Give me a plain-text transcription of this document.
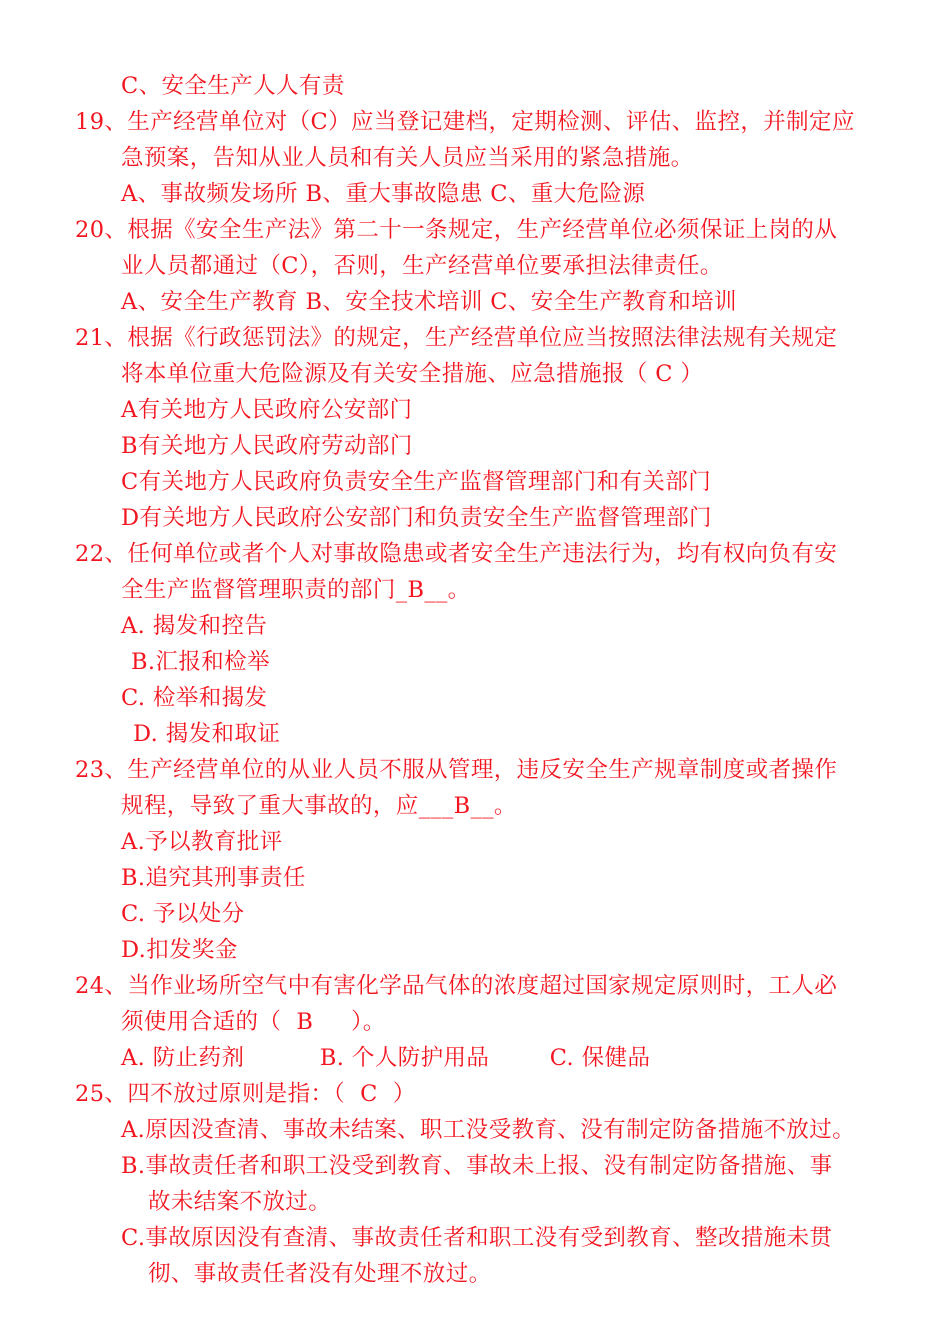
C、安全生产人人有责
19、生产经营单位对（C）应当登记建档，定期检测、评估、监控，并制定应
急预案，告知从业人员和有关人员应当采用的紧急措施。
A、事故频发场所 B、重大事故隐患 C、重大危险源
20、根据《安全生产法》第二十一条规定，生产经营单位必须保证上岗的从
业人员都通过（C），否则，生产经营单位要承担法律责任。
A、安全生产教育 B、安全技术培训 C、安全生产教育和培训
21、根据《行政惩罚法》的规定，生产经营单位应当按照法律法规有关规定
将本单位重大危险源及有关安全措施、应急措施报（ C ）
A有关地方人民政府公安部门
B有关地方人民政府劳动部门
C有关地方人民政府负责安全生产监督管理部门和有关部门
D有关地方人民政府公安部门和负责安全生产监督管理部门
22、任何单位或者个人对事故隐患或者安全生产违法行为，均有权向负有安
全生产监督管理职责的部门_B__。
A. 揭发和控告
B.汇报和检举
C. 检举和揭发
D. 揭发和取证
23、生产经营单位的从业人员不服从管理，违反安全生产规章制度或者操作
规程，导致了重大事故的，应___B__。
A.予以教育批评
B.追究其刑事责任
C. 予以处分
D.扣发奖金
24、当作业场所空气中有害化学品气体的浓度超过国家规定原则时，工人必
须使用合适的（  B     ）。
A. 防止药剂          B. 个人防护用品        C. 保健品
25、四不放过原则是指：（  C  ）
A.原因没查清、事故未结案、职工没受教育、没有制定防备措施不放过。
B.事故责任者和职工没受到教育、事故未上报、没有制定防备措施、事
故未结案不放过。
C.事故原因没有查清、事故责任者和职工没有受到教育、整改措施未贯
彻、事故责任者没有处理不放过。
